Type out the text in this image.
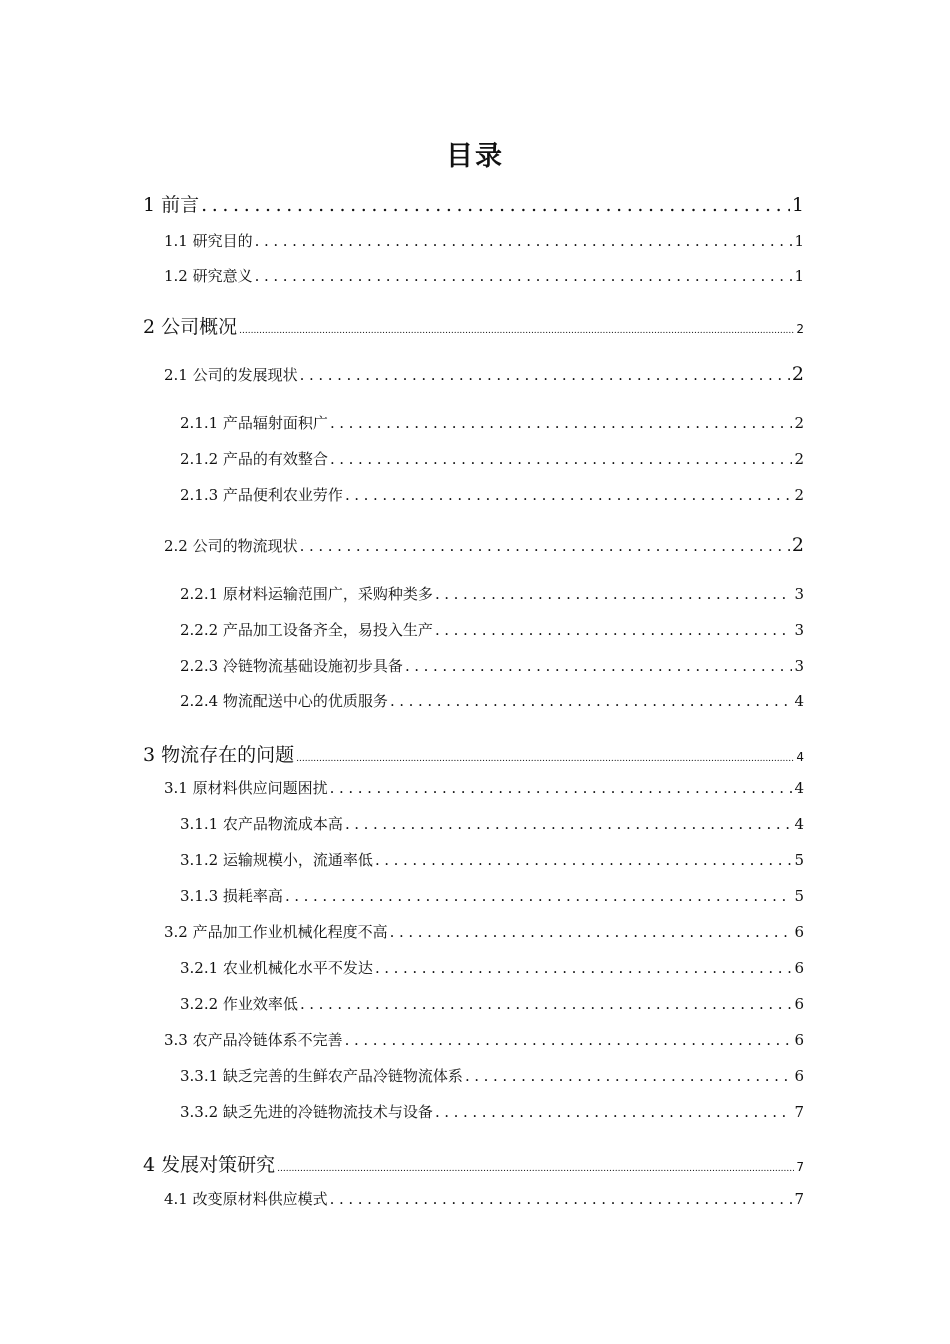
目录
1 前言 .....	1
1.1 研究目的 .....	1
1.2 研究意义 .....	1
2 公司概况 .....	2
2.1 公司的发展现状 .....	2
2.1.1 产品辐射面积广 .....	2
2.1.2 产品的有效整合 .....	2
2.1.3 产品便利农业劳作 .....	2
2.2 公司的物流现状 .....	2
2.2.1 原材料运输范围广，采购种类多 .....	3
2.2.2 产品加工设备齐全，易投入生产 .....	3
2.2.3 冷链物流基础设施初步具备 .....	3
2.2.4 物流配送中心的优质服务 .....	4
3 物流存在的问题 .....	4
3.1 原材料供应问题困扰 .....	4
3.1.1 农产品物流成本高 .....	4
3.1.2 运输规模小，流通率低 .....	5
3.1.3 损耗率高 .....	5
3.2 产品加工作业机械化程度不高 .....	6
3.2.1 农业机械化水平不发达 .....	6
3.2.2 作业效率低 .....	6
3.3 农产品冷链体系不完善 .....	6
3.3.1 缺乏完善的生鲜农产品冷链物流体系 .....	6
3.3.2 缺乏先进的冷链物流技术与设备 .....	7
4 发展对策研究 .....	7
4.1 改变原材料供应模式 .....	7
